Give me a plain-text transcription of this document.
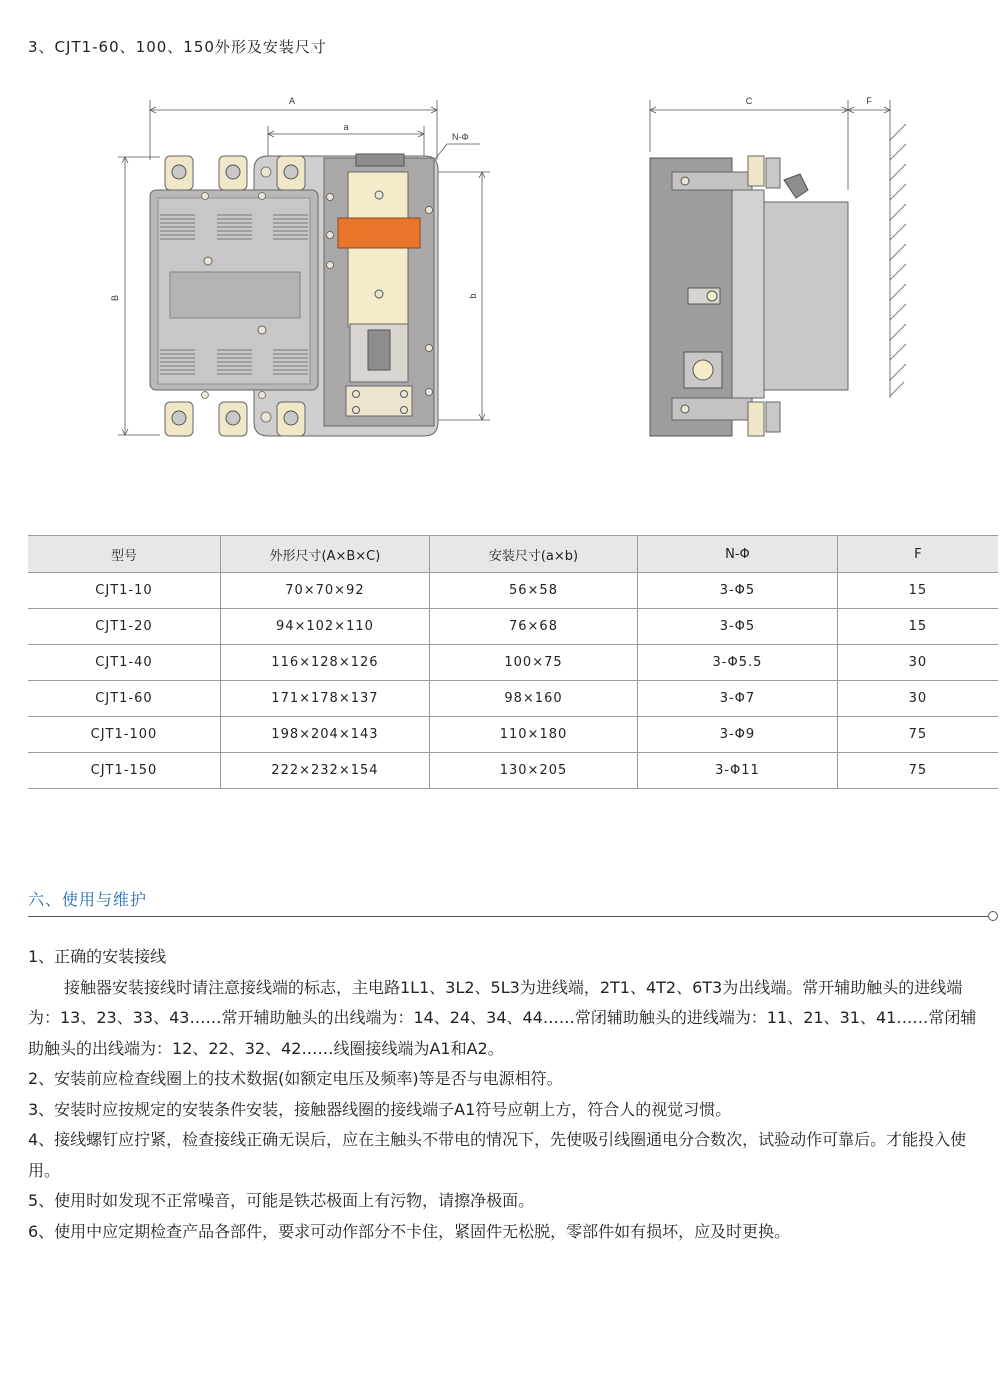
3、CJT1-60、100、150外形及安装尺寸
A
a
N-Φ
B	b
C	F
型号	外形尺寸(A×B×C)	安装尺寸(a×b)	N-Φ	F
CJT1-10	70×70×92	56×58	3-Φ5	15
CJT1-20	94×102×110	76×68	3-Φ5	15
CJT1-40	116×128×126	100×75	3-Φ5.5	30
CJT1-60	171×178×137	98×160	3-Φ7	30
CJT1-100	198×204×143	110×180	3-Φ9	75
CJT1-150	222×232×154	130×205	3-Φ11	75
六、使用与维护

1、正确的安装接线

接触器安装接线时请注意接线端的标志，主电路1L1、3L2、5L3为进线端，2T1、4T2、6T3为出线端。常开辅助触头的进线端为：13、23、33、43……常开辅助触头的出线端为：14、24、34、44……常闭辅助触头的进线端为：11、21、31、41……常闭辅助触头的出线端为：12、22、32、42……线圈接线端为A1和A2。

2、安装前应检查线圈上的技术数据(如额定电压及频率)等是否与电源相符。

3、安装时应按规定的安装条件安装，接触器线圈的接线端子A1符号应朝上方，符合人的视觉习惯。

4、接线螺钉应拧紧，检查接线正确无误后，应在主触头不带电的情况下，先使吸引线圈通电分合数次，试验动作可靠后。才能投入使用。

5、使用时如发现不正常噪音，可能是铁芯极面上有污物，请擦净极面。

6、使用中应定期检查产品各部件，要求可动作部分不卡住，紧固件无松脱，零部件如有损坏，应及时更换。
